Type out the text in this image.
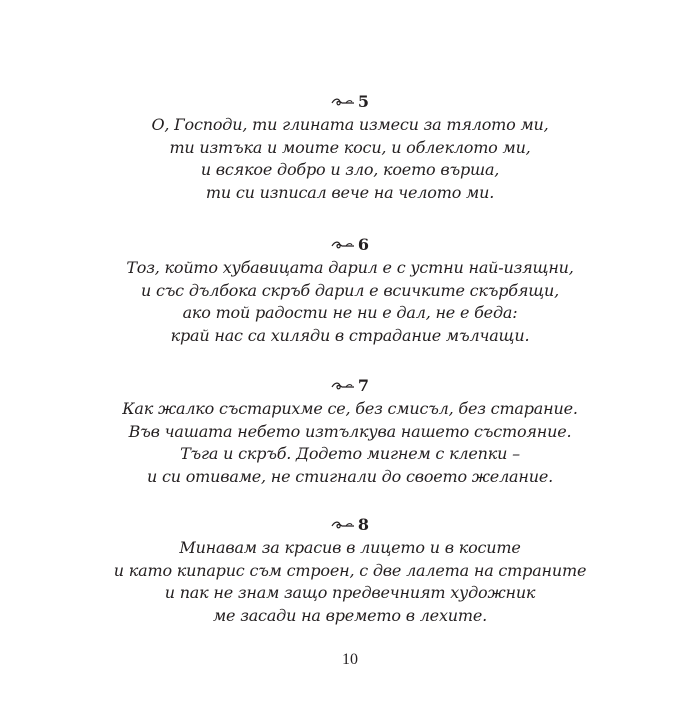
5
О, Господи, ти глината измеси за тялото ми,
ти изтъка и моите коси, и облеклото ми,
и всякое добро и зло, което върша,
ти си изписал вече на челото ми.
6
Тоз, който хубавицата дарил е с устни най-изящни,
и със дълбока скръб дарил е всичките скърбящи,
ако той радости не ни е дал, не е беда:
край нас са хиляди в страдание мълчащи.
7
Как жалко състарихме се, без смисъл, без старание.
Във чашата небето изтълкува нашето състояние.
Тъга и скръб. Додето мигнем с клепки –
и си отиваме, не стигнали до своето желание.
8
Минавам за красив в лицето и в косите
и като кипарис съм строен, с две лалета на страните
и пак не знам защо предвечният художник
ме засади на времето в лехите.
10
